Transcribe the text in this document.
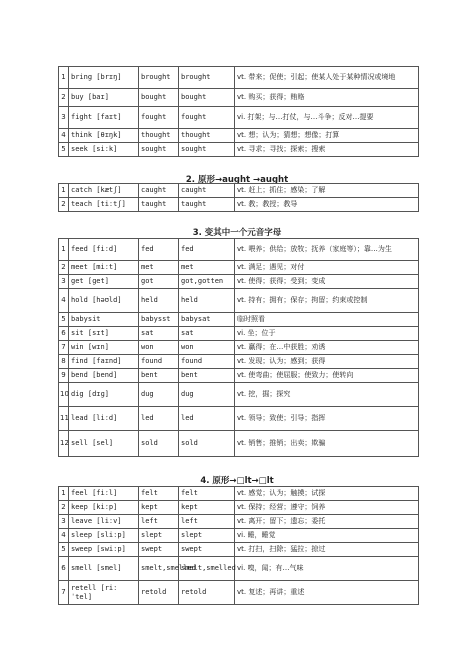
1	bring [brɪŋ]	brought	brought	vt. 带来；促使；引起；使某人处于某种情况或境地
2	buy [baɪ]	bought	bought	vt. 购买；获得；贿赂
3	fight [faɪt]	fought	fought	vi. 打架；与…打仗，与…斗争；反对…提要
4	think [θɪŋk]	thought	thought	vt. 想；认为；猜想；想像；打算
5	seek [siːk]	sought	sought	vt. 寻求；寻找；探索；搜索
2. 原形→aught →aught
1	catch [kætʃ]	caught	caught	vt. 赶上；抓住；感染；了解
2	teach [tiːtʃ]	taught	taught	vt. 教；教授；教导
3. 变其中一个元音字母
1	feed [fiːd]	fed	fed	vt. 喂养；供给；放牧；抚养（家庭等）；靠…为生
2	meet [miːt]	met	met	vt. 满足；遇见；对付
3	get [ɡet]	got	got,gotten	vt. 使得；获得；受到；变成
4	hold [həʊld]	held	held	vt. 持有；拥有；保存；拘留；约束或控制
5	babysit	babysst	babysat	临时照看
6	sit [sɪt]	sat	sat	vi. 坐；位于
7	win [wɪn]	won	won	vt. 赢得；在…中获胜；劝诱
8	find [faɪnd]	found	found	vt. 发现；认为；感到；获得
9	bend [bend]	bent	bent	vt. 使弯曲；使屈服；使致力；使转向
10	dig [dɪɡ]	dug	dug	vt. 挖，掘；探究
11	lead [liːd]	led	led	vt. 领导；致使；引导；指挥
12	sell [sel]	sold	sold	vt. 销售；推销；出卖；欺骗
4. 原形→□lt→□lt
1	feel [fiːl]	felt	felt	vt. 感觉；认为；触摸；试探
2	keep [kiːp]	kept	kept	vt. 保持；经营；遵守；饲养
3	leave [liːv]	left	left	vt. 离开；留下；遗忘；委托
4	sleep [sliːp]	slept	slept	vi. 睡，睡觉
5	sweep [swiːp]	swept	swept	vt. 打扫，扫除；猛拉；掠过
6	smell [smel]	smelt,smelled	smelt,smelled	vi. 嗅，闻；有…气味
7	retell [riːˈtel]	retold	retold	vt. 复述；再讲；重述
